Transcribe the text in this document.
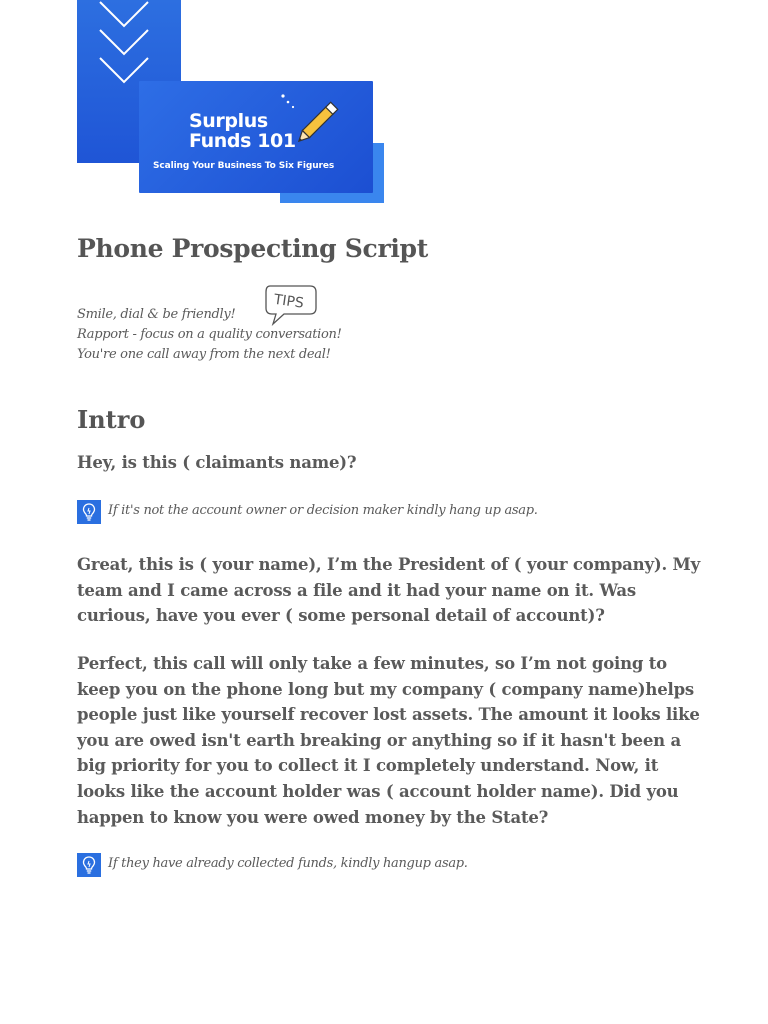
Surplus
Funds 101
Scaling Your Business To Six Figures
Phone Prospecting Script
TIPS
Smile, dial & be friendly!
Rapport - focus on a quality conversation!
You're one call away from the next deal!
Intro
Hey, is this ( claimants name)?
If it's not the account owner or decision maker kindly hang up asap.
Great, this is ( your name), I’m the President of ( your company). My team and I came across a file and it had your name on it. Was curious, have you ever ( some personal detail of account)?
Perfect, this call will only take a few minutes, so I’m not going to keep you on the phone long but my company ( company name)helps people just like yourself recover lost assets. The amount it looks like you are owed isn't earth breaking or anything so if it hasn't been a big priority for you to collect it I completely understand. Now, it looks like the account holder was ( account holder name). Did you happen to know you were owed money by the State?
If they have already collected funds, kindly hangup asap.
